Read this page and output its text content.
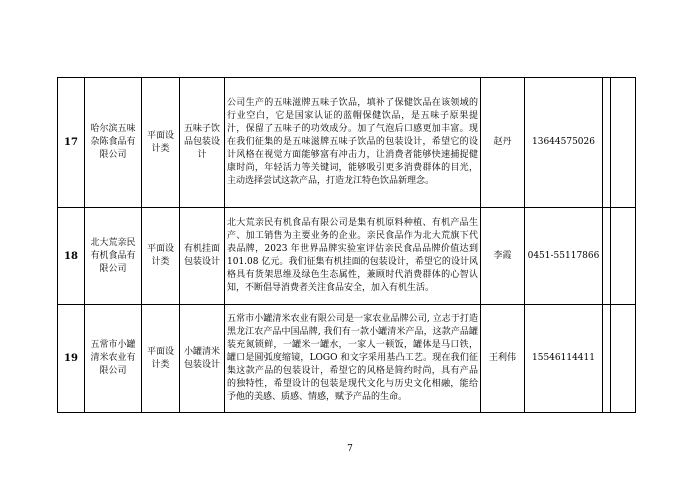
17	哈尔滨五味杂陈食品有限公司	平面设计类	五味子饮品包装设计	公司生产的五味滋牌五味子饮品，填补了保健饮品在该领域的行业空白，它是国家认证的蓝帽保健饮品，是五味子原果提汁，保留了五味子的功效成分。加了气泡后口感更加丰富。现在我们征集的是五味滋牌五味子饮品的包装设计，希望它的设计风格在视觉方面能够富有冲击力，让消费者能够快速捕捉健康时尚，年轻活力等关键词，能够吸引更多消费群体的目光，主动选择尝试这款产品，打造龙江特色饮品新理念。	赵丹	13644575026		
18	北大荒亲民有机食品有限公司	平面设计类	有机挂面包装设计	北大荒亲民有机食品有限公司是集有机原料种植、有机产品生产、加工销售为主要业务的企业。亲民食品作为北大荒旗下代表品牌，2023 年世界品牌实验室评估亲民食品品牌价值达到 101.08 亿元。我们征集有机挂面的包装设计，希望它的设计风格具有货架思维及绿色生态属性，兼顾时代消费群体的心智认知，不断倡导消费者关注食品安全，加入有机生活。	李霞	0451-55117866		
19	五常市小罐清米农业有限公司	平面设计类	小罐清米包装设计	五常市小罐清米农业有限公司是一家农业品牌公司, 立志于打造黑龙江农产品中国品牌, 我们有一款小罐清米产品，这款产品罐装充氮锁鲜，一罐米一罐水，一家人一顿饭，罐体是马口铁，罐口是圆弧度缩镜，LOGO 和文字采用基凸工艺。现在我们征集这款产品的包装设计，希望它的风格是简约时尚，具有产品的独特性，希望设计的包装是现代文化与历史文化相融，能给予他的美感、质感、情感，赋予产品的生命。	王利伟	15546114411		
7
